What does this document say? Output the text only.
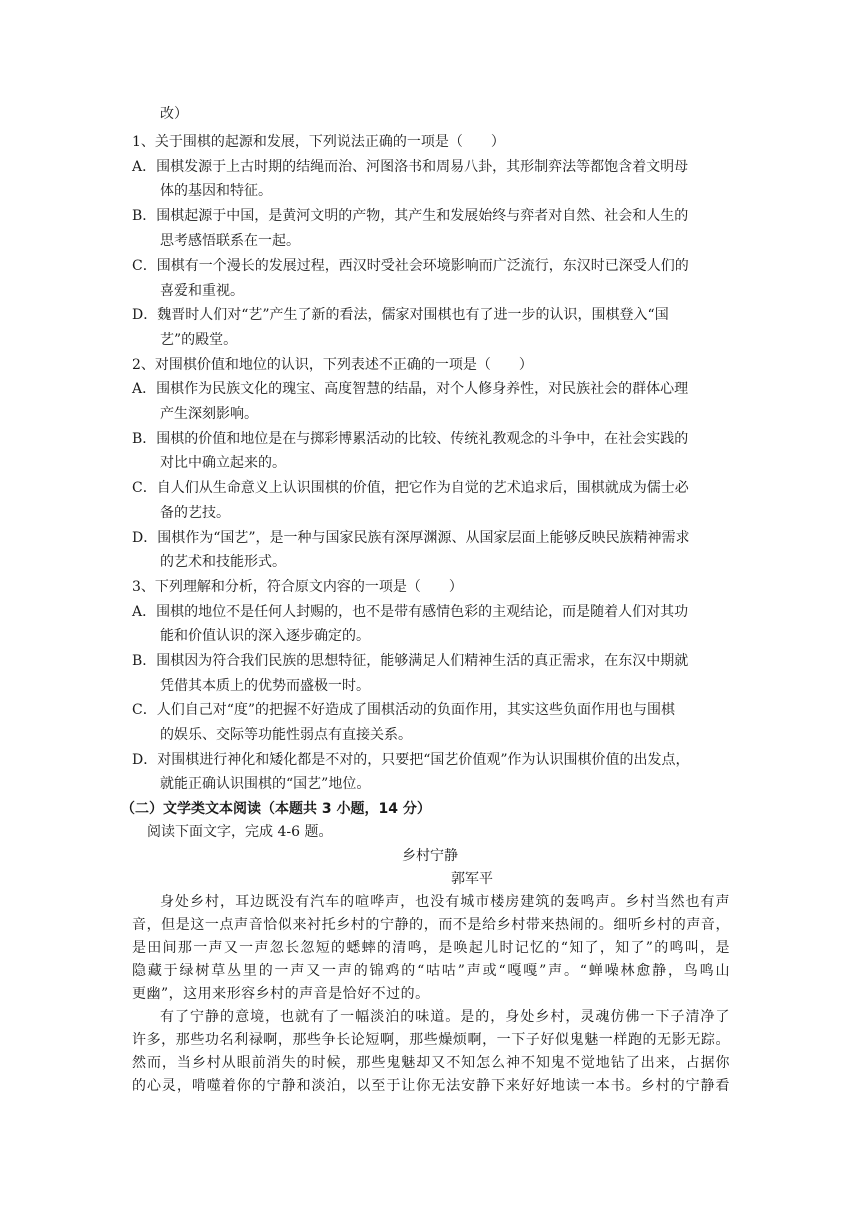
改）
1、关于围棋的起源和发展，下列说法正确的一项是（　　）
A．围棋发源于上古时期的结绳而治、河图洛书和周易八卦，其形制弈法等都饱含着文明母
体的基因和特征。
B．围棋起源于中国，是黄河文明的产物，其产生和发展始终与弈者对自然、社会和人生的
思考感悟联系在一起。
C．围棋有一个漫长的发展过程，西汉时受社会环境影响而广泛流行，东汉时已深受人们的
喜爱和重视。
D．魏晋时人们对“艺”产生了新的看法，儒家对围棋也有了进一步的认识，围棋登入“国
艺”的殿堂。
2、对围棋价值和地位的认识，下列表述不正确的一项是（　　）
A．围棋作为民族文化的瑰宝、高度智慧的结晶，对个人修身养性，对民族社会的群体心理
产生深刻影响。
B．围棋的价值和地位是在与掷彩博累活动的比较、传统礼教观念的斗争中，在社会实践的
对比中确立起来的。
C．自人们从生命意义上认识围棋的价值，把它作为自觉的艺术追求后，围棋就成为儒士必
备的艺技。
D．围棋作为“国艺”，是一种与国家民族有深厚渊源、从国家层面上能够反映民族精神需求
的艺术和技能形式。
3、下列理解和分析，符合原文内容的一项是（　　）
A．围棋的地位不是任何人封赐的，也不是带有感情色彩的主观结论，而是随着人们对其功
能和价值认识的深入逐步确定的。
B．围棋因为符合我们民族的思想特征，能够满足人们精神生活的真正需求，在东汉中期就
凭借其本质上的优势而盛极一时。
C．人们自己对“度”的把握不好造成了围棋活动的负面作用，其实这些负面作用也与围棋
的娱乐、交际等功能性弱点有直接关系。
D．对围棋进行神化和矮化都是不对的，只要把“国艺价值观”作为认识围棋价值的出发点，
就能正确认识围棋的“国艺”地位。
（二）文学类文本阅读（本题共 3 小题，14 分）
阅读下面文字，完成 4-6 题。
乡村宁静
郭军平
身处乡村，耳边既没有汽车的喧哗声，也没有城市楼房建筑的轰鸣声。乡村当然也有声
音，但是这一点声音恰似来衬托乡村的宁静的，而不是给乡村带来热闹的。细听乡村的声音，
是田间那一声又一声忽长忽短的蟋蟀的清鸣，是唤起儿时记忆的“知了，知了”的鸣叫，是
隐藏于绿树草丛里的一声又一声的锦鸡的“咕咕”声或“嘎嘎”声。“蝉噪林愈静，鸟鸣山
更幽”，这用来形容乡村的声音是恰好不过的。
有了宁静的意境，也就有了一幅淡泊的味道。是的，身处乡村，灵魂仿佛一下子清净了
许多，那些功名利禄啊，那些争长论短啊，那些燥烦啊，一下子好似鬼魅一样跑的无影无踪。
然而，当乡村从眼前消失的时候，那些鬼魅却又不知怎么神不知鬼不觉地钻了出来，占据你
的心灵，啃噬着你的宁静和淡泊，以至于让你无法安静下来好好地读一本书。乡村的宁静看
